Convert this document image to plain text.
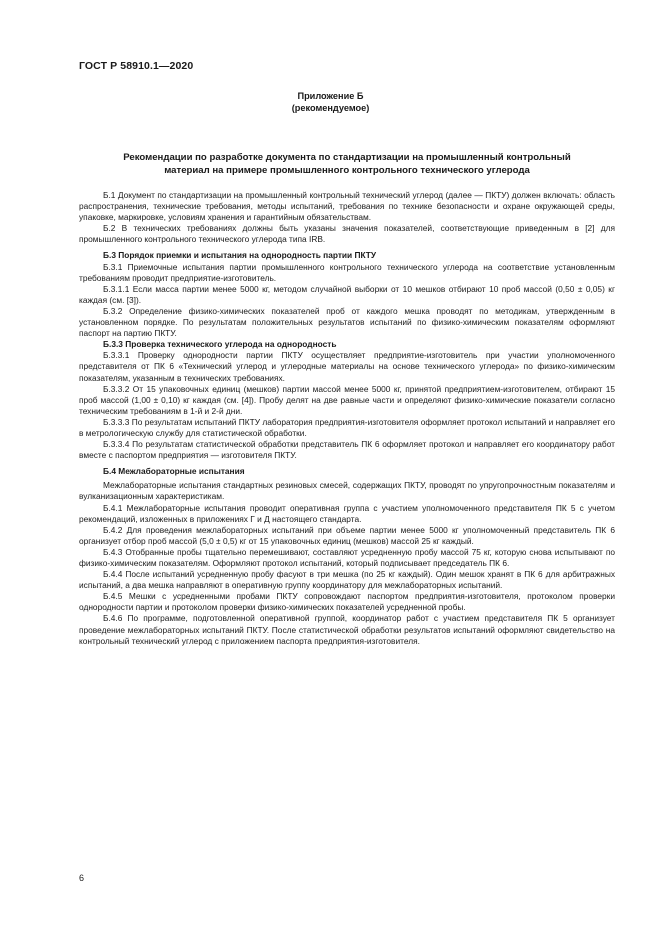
ГОСТ Р 58910.1—2020
Приложение Б
(рекомендуемое)
Рекомендации по разработке документа по стандартизации на промышленный контрольный
материал на примере промышленного контрольного технического углерода

Б.1 Документ по стандартизации на промышленный контрольный технический углерод (далее — ПКТУ) должен включать: область распространения, технические требования, методы испытаний, требования по технике безопасности и охране окружающей среды, упаковке, маркировке, условиям хранения и гарантийным обязательствам.

Б.2 В технических требованиях должны быть указаны значения показателей, соответствующие приведенным в [2] для промышленного контрольного технического углерода типа IRB.

Б.3 Порядок приемки и испытания на однородность партии ПКТУ

Б.3.1 Приемочные испытания партии промышленного контрольного технического углерода на соответствие установленным требованиям проводит предприятие-изготовитель.

Б.3.1.1 Если масса партии менее 5000 кг, методом случайной выборки от 10 мешков отбирают 10 проб массой (0,50 ± 0,05) кг каждая (см. [3]).

Б.3.2 Определение физико-химических показателей проб от каждого мешка проводят по методикам, утвержденным в установленном порядке. По результатам положительных результатов испытаний по физико-химическим показателям оформляют паспорт на партию ПКТУ.

Б.3.3 Проверка технического углерода на однородность

Б.3.3.1 Проверку однородности партии ПКТУ осуществляет предприятие-изготовитель при участии уполномоченного представителя от ПК 6 «Технический углерод и углеродные материалы на основе технического углерода» по физико-химическим показателям, указанным в технических требованиях.

Б.3.3.2 От 15 упаковочных единиц (мешков) партии массой менее 5000 кг, принятой предприятием-изготовителем, отбирают 15 проб массой (1,00 ± 0,10) кг каждая (см. [4]). Пробу делят на две равные части и определяют физико-химические показатели согласно техническим требованиям в 1-й и 2-й дни.

Б.3.3.3 По результатам испытаний ПКТУ лаборатория предприятия-изготовителя оформляет протокол испытаний и направляет его в метрологическую службу для статистической обработки.

Б.3.3.4 По результатам статистической обработки представитель ПК 6 оформляет протокол и направляет его координатору работ вместе с паспортом предприятия — изготовителя ПКТУ.

Б.4 Межлабораторные испытания

Межлабораторные испытания стандартных резиновых смесей, содержащих ПКТУ, проводят по упругопрочностным показателям и вулканизационным характеристикам.

Б.4.1 Межлабораторные испытания проводит оперативная группа с участием уполномоченного представителя ПК 5 с учетом рекомендаций, изложенных в приложениях Г и Д настоящего стандарта.

Б.4.2 Для проведения межлабораторных испытаний при объеме партии менее 5000 кг уполномоченный представитель ПК 6 организует отбор проб массой (5,0 ± 0,5) кг от 15 упаковочных единиц (мешков) массой 25 кг каждый.

Б.4.3 Отобранные пробы тщательно перемешивают, составляют усредненную пробу массой 75 кг, которую снова испытывают по физико-химическим показателям. Оформляют протокол испытаний, который подписывает председатель ПК 6.

Б.4.4 После испытаний усредненную пробу фасуют в три мешка (по 25 кг каждый). Один мешок хранят в ПК 6 для арбитражных испытаний, а два мешка направляют в оперативную группу координатору для межлабораторных испытаний.

Б.4.5 Мешки с усредненными пробами ПКТУ сопровождают паспортом предприятия-изготовителя, протоколом проверки однородности партии и протоколом проверки физико-химических показателей усредненной пробы.

Б.4.6 По программе, подготовленной оперативной группой, координатор работ с участием представителя ПК 5 организует проведение межлабораторных испытаний ПКТУ. После статистической обработки результатов испытаний оформляют свидетельство на контрольный технический углерод с приложением паспорта предприятия-изготовителя.

6
